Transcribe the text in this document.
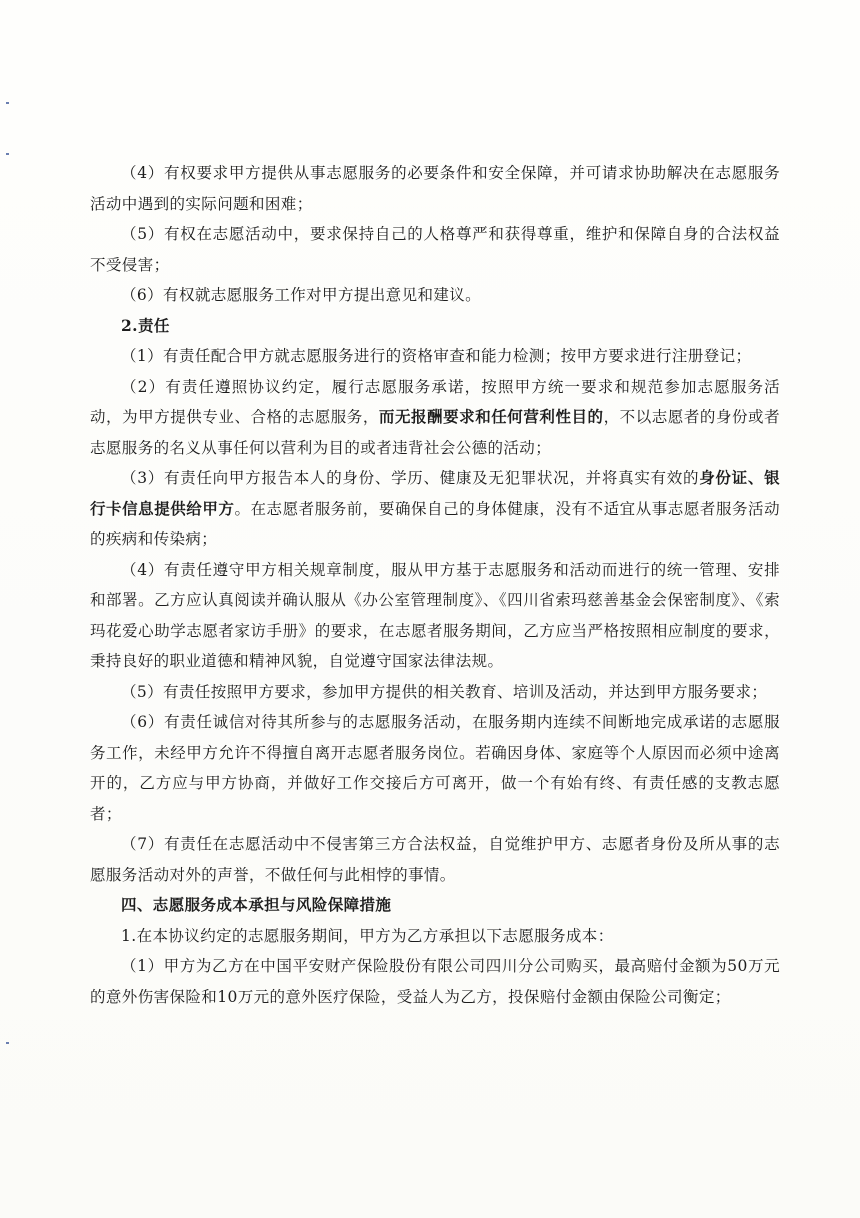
（4）有权要求甲方提供从事志愿服务的必要条件和安全保障，并可请求协助解决在志愿服务活动中遇到的实际问题和困难；

（5）有权在志愿活动中，要求保持自己的人格尊严和获得尊重，维护和保障自身的合法权益不受侵害；

（6）有权就志愿服务工作对甲方提出意见和建议。

2.责任

（1）有责任配合甲方就志愿服务进行的资格审查和能力检测；按甲方要求进行注册登记；

（2）有责任遵照协议约定，履行志愿服务承诺，按照甲方统一要求和规范参加志愿服务活动，为甲方提供专业、合格的志愿服务，而无报酬要求和任何营利性目的，不以志愿者的身份或者志愿服务的名义从事任何以营利为目的或者违背社会公德的活动；

（3）有责任向甲方报告本人的身份、学历、健康及无犯罪状况，并将真实有效的身份证、银行卡信息提供给甲方。在志愿者服务前，要确保自己的身体健康，没有不适宜从事志愿者服务活动的疾病和传染病；

（4）有责任遵守甲方相关规章制度，服从甲方基于志愿服务和活动而进行的统一管理、安排和部署。乙方应认真阅读并确认服从《办公室管理制度》、《四川省索玛慈善基金会保密制度》、《索玛花爱心助学志愿者家访手册》的要求，在志愿者服务期间，乙方应当严格按照相应制度的要求，秉持良好的职业道德和精神风貌，自觉遵守国家法律法规。

（5）有责任按照甲方要求，参加甲方提供的相关教育、培训及活动，并达到甲方服务要求；

（6）有责任诚信对待其所参与的志愿服务活动，在服务期内连续不间断地完成承诺的志愿服务工作，未经甲方允许不得擅自离开志愿者服务岗位。若确因身体、家庭等个人原因而必须中途离开的，乙方应与甲方协商，并做好工作交接后方可离开，做一个有始有终、有责任感的支教志愿者；

（7）有责任在志愿活动中不侵害第三方合法权益，自觉维护甲方、志愿者身份及所从事的志愿服务活动对外的声誉，不做任何与此相悖的事情。

四、志愿服务成本承担与风险保障措施

1.在本协议约定的志愿服务期间，甲方为乙方承担以下志愿服务成本：

（1）甲方为乙方在中国平安财产保险股份有限公司四川分公司购买，最高赔付金额为50万元的意外伤害保险和10万元的意外医疗保险，受益人为乙方，投保赔付金额由保险公司衡定；
